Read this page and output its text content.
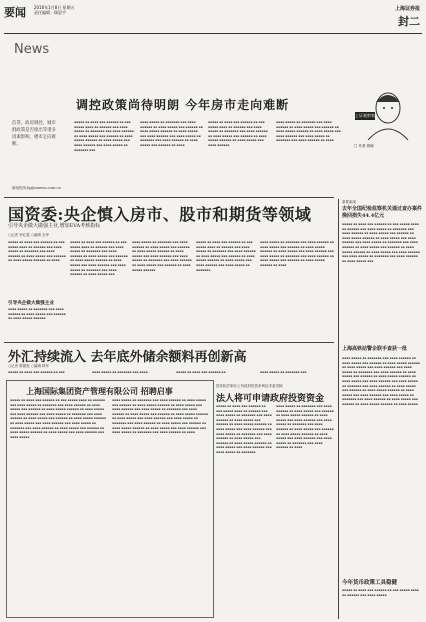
要闻 2016年1月8日 星期五
责任编辑：顾思宇
上海证券报
封二
News
调控政策尚待明朗 今年房市走向难断
信贷、政府调控、城市群政策是否推出等诸多因素影响，楼市走向难断。
新闻热线:fp@ssnews.com.cn
▪▪▪▪▪ ▪▪ ▪▪▪▪ ▪▪▪ ▪▪▪▪▪▪ ▪▪ ▪▪▪ ▪▪▪▪▪ ▪▪▪▪ ▪▪ ▪▪▪▪▪▪ ▪▪▪ ▪▪▪▪ ▪▪▪▪▪ ▪▪ ▪▪▪▪▪▪▪ ▪▪▪ ▪▪▪▪ ▪▪▪▪▪▪ ▪▪ ▪▪▪▪ ▪▪▪▪▪ ▪▪▪ ▪▪▪▪▪▪ ▪▪ ▪▪▪▪ ▪▪▪▪▪ ▪▪▪▪▪▪ ▪▪ ▪▪▪▪ ▪▪▪▪▪ ▪▪▪ ▪▪▪▪ ▪▪▪▪▪▪ ▪▪▪ ▪▪▪▪ ▪▪▪▪▪ ▪▪ ▪▪▪▪▪▪▪ ▪▪▪
▪▪▪▪ ▪▪▪▪▪ ▪▪ ▪▪▪▪▪▪▪ ▪▪▪ ▪▪▪▪ ▪▪▪▪▪▪ ▪▪ ▪▪▪▪ ▪▪▪▪▪ ▪▪▪ ▪▪▪▪▪▪ ▪▪ ▪▪▪▪ ▪▪▪▪▪ ▪▪▪▪▪▪ ▪▪ ▪▪▪▪ ▪▪▪▪▪ ▪▪▪ ▪▪▪▪ ▪▪▪▪▪▪ ▪▪▪ ▪▪▪▪ ▪▪▪▪▪ ▪▪ ▪▪▪▪▪▪▪ ▪▪▪ ▪▪▪▪ ▪▪▪▪▪▪ ▪▪ ▪▪▪▪ ▪▪▪▪▪ ▪▪▪ ▪▪▪▪▪▪ ▪▪ ▪▪▪▪
▪▪▪▪▪ ▪▪ ▪▪▪▪ ▪▪▪ ▪▪▪▪▪▪ ▪▪ ▪▪▪ ▪▪▪▪▪ ▪▪▪▪ ▪▪ ▪▪▪▪▪▪ ▪▪▪ ▪▪▪▪ ▪▪▪▪▪ ▪▪ ▪▪▪▪▪▪▪ ▪▪▪ ▪▪▪▪ ▪▪▪▪▪▪ ▪▪ ▪▪▪▪ ▪▪▪▪▪ ▪▪▪ ▪▪▪▪▪▪ ▪▪ ▪▪▪▪ ▪▪▪▪▪ ▪▪▪▪▪▪ ▪▪ ▪▪▪▪ ▪▪▪▪▪ ▪▪▪ ▪▪▪▪ ▪▪▪▪▪▪
▪▪▪▪ ▪▪▪▪▪ ▪▪ ▪▪▪▪▪▪▪ ▪▪▪ ▪▪▪▪ ▪▪▪▪▪▪ ▪▪ ▪▪▪▪ ▪▪▪▪▪ ▪▪▪ ▪▪▪▪▪▪ ▪▪ ▪▪▪▪ ▪▪▪▪▪ ▪▪▪▪▪▪ ▪▪ ▪▪▪▪ ▪▪▪▪▪ ▪▪▪ ▪▪▪▪ ▪▪▪▪▪▪ ▪▪▪ ▪▪▪▪ ▪▪▪▪▪ ▪▪ ▪▪▪▪▪▪▪ ▪▪▪ ▪▪▪▪ ▪▪▪▪▪▪ ▪▪ ▪▪▪▪
上证观察家
□ 作者 胡楠
国资委:央企慎入房市、股市和期货等领域
引导央企做大做强主业,增加EVA考核指标
○记者 李红霞 ○编辑 全华
▪▪▪▪▪ ▪▪ ▪▪▪▪ ▪▪▪ ▪▪▪▪▪▪ ▪▪ ▪▪▪ ▪▪▪▪▪ ▪▪▪▪ ▪▪ ▪▪▪▪▪▪ ▪▪▪ ▪▪▪▪ ▪▪▪▪▪ ▪▪ ▪▪▪▪▪▪▪ ▪▪▪ ▪▪▪▪ ▪▪▪▪▪▪ ▪▪ ▪▪▪▪ ▪▪▪▪▪ ▪▪▪ ▪▪▪▪▪▪ ▪▪ ▪▪▪▪ ▪▪▪▪▪ ▪▪▪▪▪▪ ▪▪ ▪▪▪▪
引导央企做大做强主业
▪▪▪▪ ▪▪▪▪▪ ▪▪ ▪▪▪▪▪▪▪ ▪▪▪ ▪▪▪▪ ▪▪▪▪▪▪ ▪▪ ▪▪▪▪ ▪▪▪▪▪ ▪▪▪ ▪▪▪▪▪▪ ▪▪ ▪▪▪▪ ▪▪▪▪▪ ▪▪▪▪▪▪
▪▪▪▪▪ ▪▪ ▪▪▪▪ ▪▪▪ ▪▪▪▪▪▪ ▪▪ ▪▪▪ ▪▪▪▪▪ ▪▪▪▪ ▪▪ ▪▪▪▪▪▪ ▪▪▪ ▪▪▪▪ ▪▪▪▪▪ ▪▪ ▪▪▪▪▪▪▪ ▪▪▪ ▪▪▪▪ ▪▪▪▪▪▪ ▪▪ ▪▪▪▪ ▪▪▪▪▪ ▪▪▪ ▪▪▪▪▪▪ ▪▪ ▪▪▪▪ ▪▪▪▪▪ ▪▪▪▪▪▪ ▪▪ ▪▪▪▪ ▪▪▪▪▪ ▪▪▪ ▪▪▪▪ ▪▪▪▪▪▪ ▪▪▪ ▪▪▪▪ ▪▪▪▪▪ ▪▪ ▪▪▪▪▪▪▪ ▪▪▪ ▪▪▪▪ ▪▪▪▪▪▪ ▪▪ ▪▪▪▪ ▪▪▪▪▪ ▪▪▪
▪▪▪▪ ▪▪▪▪▪ ▪▪ ▪▪▪▪▪▪▪ ▪▪▪ ▪▪▪▪ ▪▪▪▪▪▪ ▪▪ ▪▪▪▪ ▪▪▪▪▪ ▪▪▪ ▪▪▪▪▪▪ ▪▪ ▪▪▪▪ ▪▪▪▪▪ ▪▪▪▪▪▪ ▪▪ ▪▪▪▪ ▪▪▪▪▪ ▪▪▪ ▪▪▪▪ ▪▪▪▪▪▪ ▪▪▪ ▪▪▪▪ ▪▪▪▪▪ ▪▪ ▪▪▪▪▪▪▪ ▪▪▪ ▪▪▪▪ ▪▪▪▪▪▪ ▪▪ ▪▪▪▪ ▪▪▪▪▪ ▪▪▪ ▪▪▪▪▪▪ ▪▪ ▪▪▪▪ ▪▪▪▪▪ ▪▪▪▪▪▪
▪▪▪▪▪ ▪▪ ▪▪▪▪ ▪▪▪ ▪▪▪▪▪▪ ▪▪ ▪▪▪ ▪▪▪▪▪ ▪▪▪▪ ▪▪ ▪▪▪▪▪▪ ▪▪▪ ▪▪▪▪ ▪▪▪▪▪ ▪▪ ▪▪▪▪▪▪▪ ▪▪▪ ▪▪▪▪ ▪▪▪▪▪▪ ▪▪ ▪▪▪▪ ▪▪▪▪▪ ▪▪▪ ▪▪▪▪▪▪ ▪▪ ▪▪▪▪ ▪▪▪▪▪ ▪▪▪▪▪▪ ▪▪ ▪▪▪▪ ▪▪▪▪▪ ▪▪▪ ▪▪▪▪ ▪▪▪▪▪▪ ▪▪▪ ▪▪▪▪ ▪▪▪▪▪ ▪▪ ▪▪▪▪▪▪▪
▪▪▪▪ ▪▪▪▪▪ ▪▪ ▪▪▪▪▪▪▪ ▪▪▪ ▪▪▪▪ ▪▪▪▪▪▪ ▪▪ ▪▪▪▪ ▪▪▪▪▪ ▪▪▪ ▪▪▪▪▪▪ ▪▪ ▪▪▪▪ ▪▪▪▪▪ ▪▪▪▪▪▪ ▪▪ ▪▪▪▪ ▪▪▪▪▪ ▪▪▪ ▪▪▪▪ ▪▪▪▪▪▪ ▪▪▪ ▪▪▪▪ ▪▪▪▪▪ ▪▪ ▪▪▪▪▪▪▪ ▪▪▪ ▪▪▪▪ ▪▪▪▪▪▪ ▪▪ ▪▪▪▪ ▪▪▪▪▪ ▪▪▪ ▪▪▪▪▪▪ ▪▪ ▪▪▪▪ ▪▪▪▪▪ ▪▪▪▪▪▪ ▪▪ ▪▪▪▪
外汇持续流入 去年底外储余额料再创新高
○记者 陈德宽 ○编辑 林军
▪▪▪▪▪ ▪▪ ▪▪▪▪ ▪▪▪ ▪▪▪▪▪▪ ▪▪ ▪▪▪	▪▪▪▪ ▪▪▪▪▪ ▪▪ ▪▪▪▪▪▪▪ ▪▪▪ ▪▪▪▪	▪▪▪▪▪ ▪▪ ▪▪▪▪ ▪▪▪ ▪▪▪▪▪▪ ▪▪	▪▪▪▪ ▪▪▪▪▪ ▪▪ ▪▪▪▪▪▪▪ ▪▪▪
上海国际集团资产管理有限公司 招聘启事
▪▪▪▪▪ ▪▪ ▪▪▪▪ ▪▪▪ ▪▪▪▪▪▪ ▪▪ ▪▪▪ ▪▪▪▪▪ ▪▪▪▪ ▪▪ ▪▪▪▪▪▪ ▪▪▪ ▪▪▪▪ ▪▪▪▪▪ ▪▪ ▪▪▪▪▪▪▪ ▪▪▪ ▪▪▪▪ ▪▪▪▪▪▪ ▪▪ ▪▪▪▪ ▪▪▪▪▪ ▪▪▪ ▪▪▪▪▪▪ ▪▪ ▪▪▪▪ ▪▪▪▪▪ ▪▪▪▪▪▪ ▪▪ ▪▪▪▪ ▪▪▪▪▪ ▪▪▪ ▪▪▪▪ ▪▪▪▪▪▪ ▪▪▪ ▪▪▪▪ ▪▪▪▪▪ ▪▪ ▪▪▪▪▪▪▪ ▪▪▪ ▪▪▪▪ ▪▪▪▪▪▪ ▪▪ ▪▪▪▪ ▪▪▪▪▪ ▪▪▪ ▪▪▪▪▪▪ ▪▪ ▪▪▪▪ ▪▪▪▪▪ ▪▪▪▪▪▪ ▪▪ ▪▪▪▪ ▪▪▪▪▪ ▪▪▪ ▪▪▪▪ ▪▪▪▪▪▪ ▪▪▪ ▪▪▪▪ ▪▪▪▪▪ ▪▪ ▪▪▪▪▪▪▪ ▪▪▪ ▪▪▪▪ ▪▪▪▪▪▪ ▪▪ ▪▪▪▪ ▪▪▪▪▪ ▪▪▪ ▪▪▪▪▪▪ ▪▪ ▪▪▪▪ ▪▪▪▪▪ ▪▪▪▪▪▪ ▪▪ ▪▪▪▪ ▪▪▪▪▪ ▪▪▪ ▪▪▪▪ ▪▪▪▪▪▪ ▪▪▪ ▪▪▪▪ ▪▪▪▪▪
▪▪▪▪ ▪▪▪▪▪ ▪▪ ▪▪▪▪▪▪▪ ▪▪▪ ▪▪▪▪ ▪▪▪▪▪▪ ▪▪ ▪▪▪▪ ▪▪▪▪▪ ▪▪▪ ▪▪▪▪▪▪ ▪▪ ▪▪▪▪ ▪▪▪▪▪ ▪▪▪▪▪▪ ▪▪ ▪▪▪▪ ▪▪▪▪▪ ▪▪▪ ▪▪▪▪ ▪▪▪▪▪▪ ▪▪▪ ▪▪▪▪ ▪▪▪▪▪ ▪▪ ▪▪▪▪▪▪▪ ▪▪▪ ▪▪▪▪ ▪▪▪▪▪▪ ▪▪ ▪▪▪▪ ▪▪▪▪▪ ▪▪▪ ▪▪▪▪▪▪ ▪▪ ▪▪▪▪ ▪▪▪▪▪ ▪▪▪▪▪▪ ▪▪ ▪▪▪▪ ▪▪▪▪▪ ▪▪▪ ▪▪▪▪ ▪▪▪▪▪▪ ▪▪▪ ▪▪▪▪ ▪▪▪▪▪ ▪▪ ▪▪▪▪▪▪▪ ▪▪▪ ▪▪▪▪ ▪▪▪▪▪▪ ▪▪ ▪▪▪▪ ▪▪▪▪▪ ▪▪▪ ▪▪▪▪▪▪ ▪▪ ▪▪▪▪ ▪▪▪▪▪ ▪▪▪▪▪▪ ▪▪ ▪▪▪▪ ▪▪▪▪▪ ▪▪▪ ▪▪▪▪ ▪▪▪▪▪▪ ▪▪▪ ▪▪▪▪ ▪▪▪▪▪ ▪▪ ▪▪▪▪▪▪▪ ▪▪▪ ▪▪▪▪ ▪▪▪▪▪▪ ▪▪ ▪▪▪▪
国务院法制办公布政府投资条例征求意见稿
法人将可申请政府投资资金
▪▪▪▪▪ ▪▪ ▪▪▪▪ ▪▪▪ ▪▪▪▪▪▪ ▪▪ ▪▪▪ ▪▪▪▪▪ ▪▪▪▪ ▪▪ ▪▪▪▪▪▪ ▪▪▪ ▪▪▪▪ ▪▪▪▪▪ ▪▪ ▪▪▪▪▪▪▪ ▪▪▪ ▪▪▪▪ ▪▪▪▪▪▪ ▪▪ ▪▪▪▪ ▪▪▪▪▪ ▪▪▪ ▪▪▪▪▪▪ ▪▪ ▪▪▪▪ ▪▪▪▪▪ ▪▪▪▪▪▪ ▪▪ ▪▪▪▪ ▪▪▪▪▪ ▪▪▪ ▪▪▪▪ ▪▪▪▪▪▪ ▪▪▪ ▪▪▪▪ ▪▪▪▪▪ ▪▪ ▪▪▪▪▪▪▪ ▪▪▪ ▪▪▪▪ ▪▪▪▪▪▪ ▪▪ ▪▪▪▪ ▪▪▪▪▪ ▪▪▪ ▪▪▪▪▪▪ ▪▪ ▪▪▪▪ ▪▪▪▪▪ ▪▪▪▪▪▪ ▪▪ ▪▪▪▪ ▪▪▪▪▪ ▪▪▪ ▪▪▪▪ ▪▪▪▪▪▪ ▪▪▪ ▪▪▪▪ ▪▪▪▪▪ ▪▪ ▪▪▪▪▪▪▪
▪▪▪▪ ▪▪▪▪▪ ▪▪ ▪▪▪▪▪▪▪ ▪▪▪ ▪▪▪▪ ▪▪▪▪▪▪ ▪▪ ▪▪▪▪ ▪▪▪▪▪ ▪▪▪ ▪▪▪▪▪▪ ▪▪ ▪▪▪▪ ▪▪▪▪▪ ▪▪▪▪▪▪ ▪▪ ▪▪▪▪ ▪▪▪▪▪ ▪▪▪ ▪▪▪▪ ▪▪▪▪▪▪ ▪▪▪ ▪▪▪▪ ▪▪▪▪▪ ▪▪ ▪▪▪▪▪▪▪ ▪▪▪ ▪▪▪▪ ▪▪▪▪▪▪ ▪▪ ▪▪▪▪ ▪▪▪▪▪ ▪▪▪ ▪▪▪▪▪▪ ▪▪ ▪▪▪▪ ▪▪▪▪▪ ▪▪▪▪▪▪ ▪▪ ▪▪▪▪ ▪▪▪▪▪ ▪▪▪ ▪▪▪▪ ▪▪▪▪▪▪ ▪▪▪ ▪▪▪▪ ▪▪▪▪▪ ▪▪ ▪▪▪▪▪▪▪ ▪▪▪ ▪▪▪▪ ▪▪▪▪▪▪ ▪▪ ▪▪▪▪
重要新闻
去年全国纪检监察机关通过查办案件挽回损失44.4亿元
▪▪▪▪▪ ▪▪ ▪▪▪▪ ▪▪▪ ▪▪▪▪▪▪ ▪▪ ▪▪▪ ▪▪▪▪▪ ▪▪▪▪ ▪▪ ▪▪▪▪▪▪ ▪▪▪ ▪▪▪▪ ▪▪▪▪▪ ▪▪ ▪▪▪▪▪▪▪ ▪▪▪ ▪▪▪▪ ▪▪▪▪▪▪ ▪▪ ▪▪▪▪ ▪▪▪▪▪ ▪▪▪ ▪▪▪▪▪▪ ▪▪ ▪▪▪▪ ▪▪▪▪▪ ▪▪▪▪▪▪ ▪▪ ▪▪▪▪ ▪▪▪▪▪ ▪▪▪ ▪▪▪▪ ▪▪▪▪▪▪ ▪▪▪ ▪▪▪▪ ▪▪▪▪▪ ▪▪ ▪▪▪▪▪▪▪ ▪▪▪ ▪▪▪▪ ▪▪▪▪▪▪ ▪▪ ▪▪▪▪ ▪▪▪▪▪ ▪▪▪ ▪▪▪▪▪▪ ▪▪ ▪▪▪▪ ▪▪▪▪▪ ▪▪▪▪▪▪ ▪▪ ▪▪▪▪ ▪▪▪▪▪ ▪▪▪ ▪▪▪▪ ▪▪▪▪▪▪ ▪▪▪ ▪▪▪▪ ▪▪▪▪▪ ▪▪ ▪▪▪▪▪▪▪ ▪▪▪ ▪▪▪▪ ▪▪▪▪▪▪ ▪▪ ▪▪▪▪ ▪▪▪▪▪ ▪▪▪
上海高铁站警企联手查获一批
▪▪▪▪ ▪▪▪▪▪ ▪▪ ▪▪▪▪▪▪▪ ▪▪▪ ▪▪▪▪ ▪▪▪▪▪▪ ▪▪ ▪▪▪▪ ▪▪▪▪▪ ▪▪▪ ▪▪▪▪▪▪ ▪▪ ▪▪▪▪ ▪▪▪▪▪ ▪▪▪▪▪▪ ▪▪ ▪▪▪▪ ▪▪▪▪▪ ▪▪▪ ▪▪▪▪ ▪▪▪▪▪▪ ▪▪▪ ▪▪▪▪ ▪▪▪▪▪ ▪▪ ▪▪▪▪▪▪▪ ▪▪▪ ▪▪▪▪ ▪▪▪▪▪▪ ▪▪ ▪▪▪▪ ▪▪▪▪▪ ▪▪▪ ▪▪▪▪▪▪ ▪▪ ▪▪▪▪ ▪▪▪▪▪ ▪▪▪▪▪▪ ▪▪ ▪▪▪▪ ▪▪▪▪▪ ▪▪▪ ▪▪▪▪ ▪▪▪▪▪▪ ▪▪▪ ▪▪▪▪ ▪▪▪▪▪ ▪▪ ▪▪▪▪▪▪▪ ▪▪▪ ▪▪▪▪ ▪▪▪▪▪▪ ▪▪ ▪▪▪▪ ▪▪▪▪▪ ▪▪▪ ▪▪▪▪▪▪ ▪▪ ▪▪▪▪ ▪▪▪▪▪ ▪▪▪▪▪▪ ▪▪ ▪▪▪▪ ▪▪▪▪▪ ▪▪▪ ▪▪▪▪ ▪▪▪▪▪▪ ▪▪▪ ▪▪▪▪ ▪▪▪▪▪ ▪▪ ▪▪▪▪▪▪▪ ▪▪▪ ▪▪▪▪ ▪▪▪▪▪▪ ▪▪ ▪▪▪▪ ▪▪▪▪▪ ▪▪▪ ▪▪▪▪▪▪ ▪▪ ▪▪▪▪ ▪▪▪▪▪ ▪▪▪▪▪▪ ▪▪ ▪▪▪▪ ▪▪▪▪▪
今年货币政策工具稳健
▪▪▪▪▪ ▪▪ ▪▪▪▪ ▪▪▪ ▪▪▪▪▪▪ ▪▪ ▪▪▪ ▪▪▪▪▪ ▪▪▪▪ ▪▪ ▪▪▪▪▪▪ ▪▪▪ ▪▪▪▪ ▪▪▪▪▪
